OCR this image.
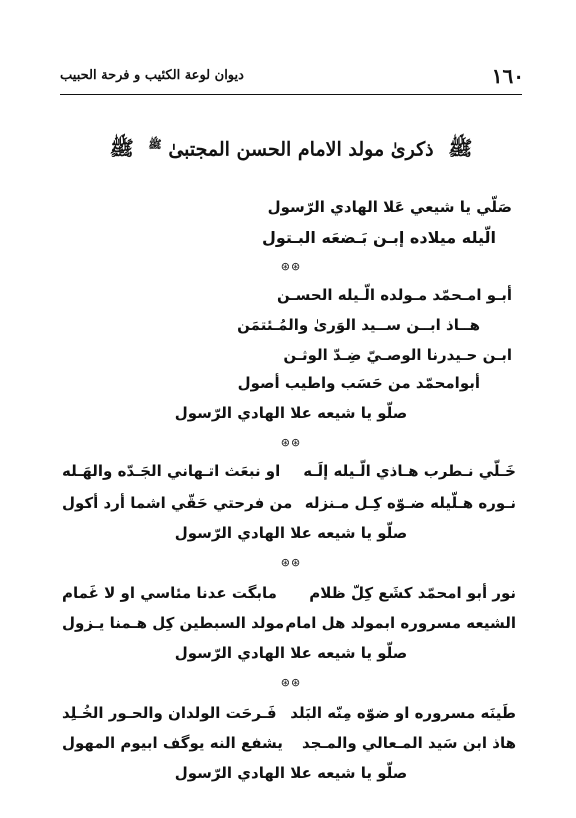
١٦٠
ديوان لوعة الكئيب و فرحة الحبيب
ﷺ ذكرىٰ مولد الامام الحسن المجتبىٰ $^ﷺ$ ﷺ
صَلّي يا شيعي عَلا الهادي الرّسول
الّيله ميلاده إبـن بَـضعَه البـتول
⊛⊛
أبـو امـحمّد مـولده الّـيله الحسـن
هــاذ ابــن ســيد الوَرىٰ والمُـئتمَن
ابـن حـيدرنا الوصـيّ ضِـدّ الوثـن
أبوامحمّد من حَسَب واطيب أصول
صلّو يا شيعه علا الهادي الرّسول
⊛⊛
خَـلّي نـطرب هـاذي الّـيله إلَـه
او نبعَث اتـهاني الجَـدّه والهَـله
نـوره هـلّيله ضـوّه كِـل مـنزله
من فرحتي حَقّي اشما أرد أكول
صلّو يا شيعه علا الهادي الرّسول
⊛⊛
نور أبو امحمّد كشَع كِلّ ظلام
مابگت عدنا مئاسي او لا غَمام
الشيعه مسروره ابمولد هل امام
مولد السبطين كِل هـمنا يـزول
صلّو يا شيعه علا الهادي الرّسول
⊛⊛
طَينَه مسروره او ضوّه مِنّه البَلد
فَـرحَت الولدان والحـور الخُـلِد
هاذ ابن سَيد المـعالي والمـجد
يشفع النه يوگف ابيوم المهول
صلّو يا شيعه علا الهادي الرّسول
